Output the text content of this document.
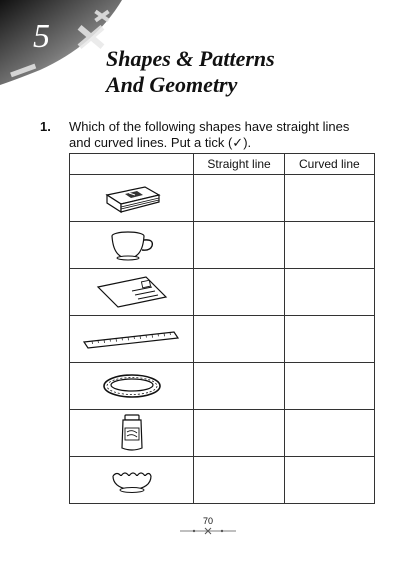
5
Shapes & Patterns
And Geometry
1. Which of the following shapes have straight lines and curved lines. Put a tick (✓).
	Straight line	Curved line

70
